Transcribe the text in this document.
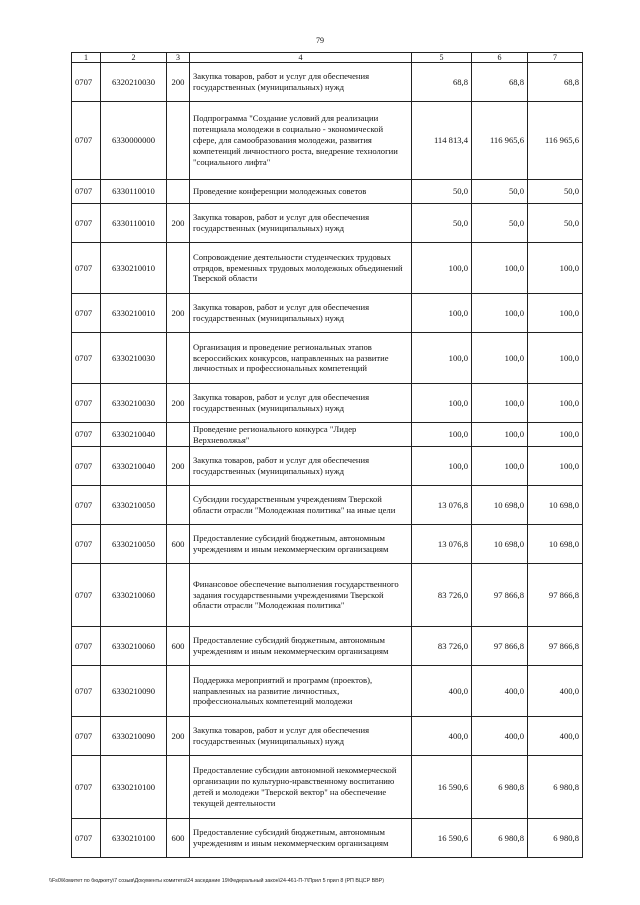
79
1	2	3	4	5	6	7
0707	6320210030	200	Закупка товаров, работ и услуг для обеспечения государственных (муниципальных) нужд	68,8	68,8	68,8
0707	6330000000		Подпрограмма "Создание условий для реализации потенциала молодежи в социально - экономической сфере, для самообразования молодежи, развития компетенций личностного роста, внедрение технологии "социального лифта"	114 813,4	116 965,6	116 965,6
0707	6330110010		Проведение конференции молодежных советов	50,0	50,0	50,0
0707	6330110010	200	Закупка товаров, работ и услуг для обеспечения государственных (муниципальных) нужд	50,0	50,0	50,0
0707	6330210010		Сопровождение деятельности студенческих трудовых отрядов, временных трудовых молодежных объединений Тверской области	100,0	100,0	100,0
0707	6330210010	200	Закупка товаров, работ и услуг для обеспечения государственных (муниципальных) нужд	100,0	100,0	100,0
0707	6330210030		Организация и проведение региональных этапов всероссийских конкурсов, направленных на развитие личностных и профессиональных компетенций	100,0	100,0	100,0
0707	6330210030	200	Закупка товаров, работ и услуг для обеспечения государственных (муниципальных) нужд	100,0	100,0	100,0
0707	6330210040		Проведение регионального конкурса "Лидер Верхневолжья"	100,0	100,0	100,0
0707	6330210040	200	Закупка товаров, работ и услуг для обеспечения государственных (муниципальных) нужд	100,0	100,0	100,0
0707	6330210050		Субсидии государственным учреждениям Тверской области отрасли "Молодежная политика" на иные цели	13 076,8	10 698,0	10 698,0
0707	6330210050	600	Предоставление субсидий бюджетным, автономным учреждениям и иным некоммерческим организациям	13 076,8	10 698,0	10 698,0
0707	6330210060		Финансовое обеспечение выполнения государственного задания государственными учреждениями Тверской области отрасли "Молодежная политика"	83 726,0	97 866,8	97 866,8
0707	6330210060	600	Предоставление субсидий бюджетным, автономным учреждениям и иным некоммерческим организациям	83 726,0	97 866,8	97 866,8
0707	6330210090		Поддержка мероприятий и программ (проектов), направленных на развитие личностных, профессиональных компетенций молодежи	400,0	400,0	400,0
0707	6330210090	200	Закупка товаров, работ и услуг для обеспечения государственных (муниципальных) нужд	400,0	400,0	400,0
0707	6330210100		Предоставление субсидии автономной некоммерческой организации по культурно-нравственному воспитанию детей и молодежи "Тверской вектор" на обеспечение текущей деятельности	16 590,6	6 980,8	6 980,8
0707	6330210100	600	Предоставление субсидий бюджетным, автономным учреждениям и иным некоммерческим организациям	16 590,6	6 980,8	6 980,8
\\Fs0\Комитет по бюджету\7 созыв\Документы комитета\24 заседание 19\Федеральный закон\24-461-П-7\Прил 5 прил 8 (РП ВЦСР ВВР)
